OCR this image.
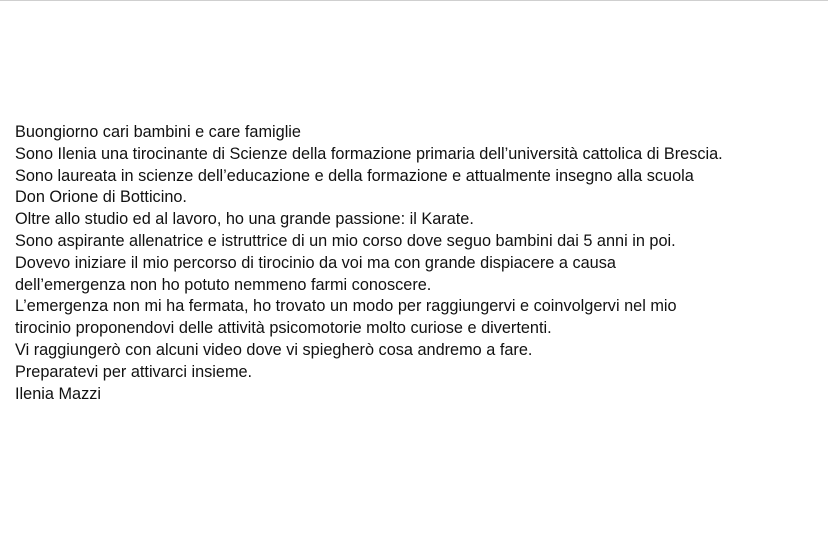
Buongiorno cari bambini e care famiglie
Sono Ilenia una tirocinante di Scienze della formazione primaria dell’università cattolica di Brescia.
Sono laureata in scienze dell’educazione e della formazione e attualmente insegno alla scuola
Don Orione di Botticino.
Oltre allo studio ed al lavoro, ho una grande passione: il Karate.
Sono aspirante allenatrice e istruttrice di un mio corso dove seguo bambini dai 5 anni in poi.
Dovevo iniziare il mio percorso di tirocinio da voi ma con grande dispiacere a causa
dell’emergenza non ho potuto nemmeno farmi conoscere.
L’emergenza non mi ha fermata, ho trovato un modo per raggiungervi e coinvolgervi nel mio
tirocinio proponendovi delle attività psicomotorie molto curiose e divertenti.
Vi raggiungerò con alcuni video dove vi spiegherò cosa andremo a fare.
Preparatevi per attivarci insieme.
Ilenia Mazzi
